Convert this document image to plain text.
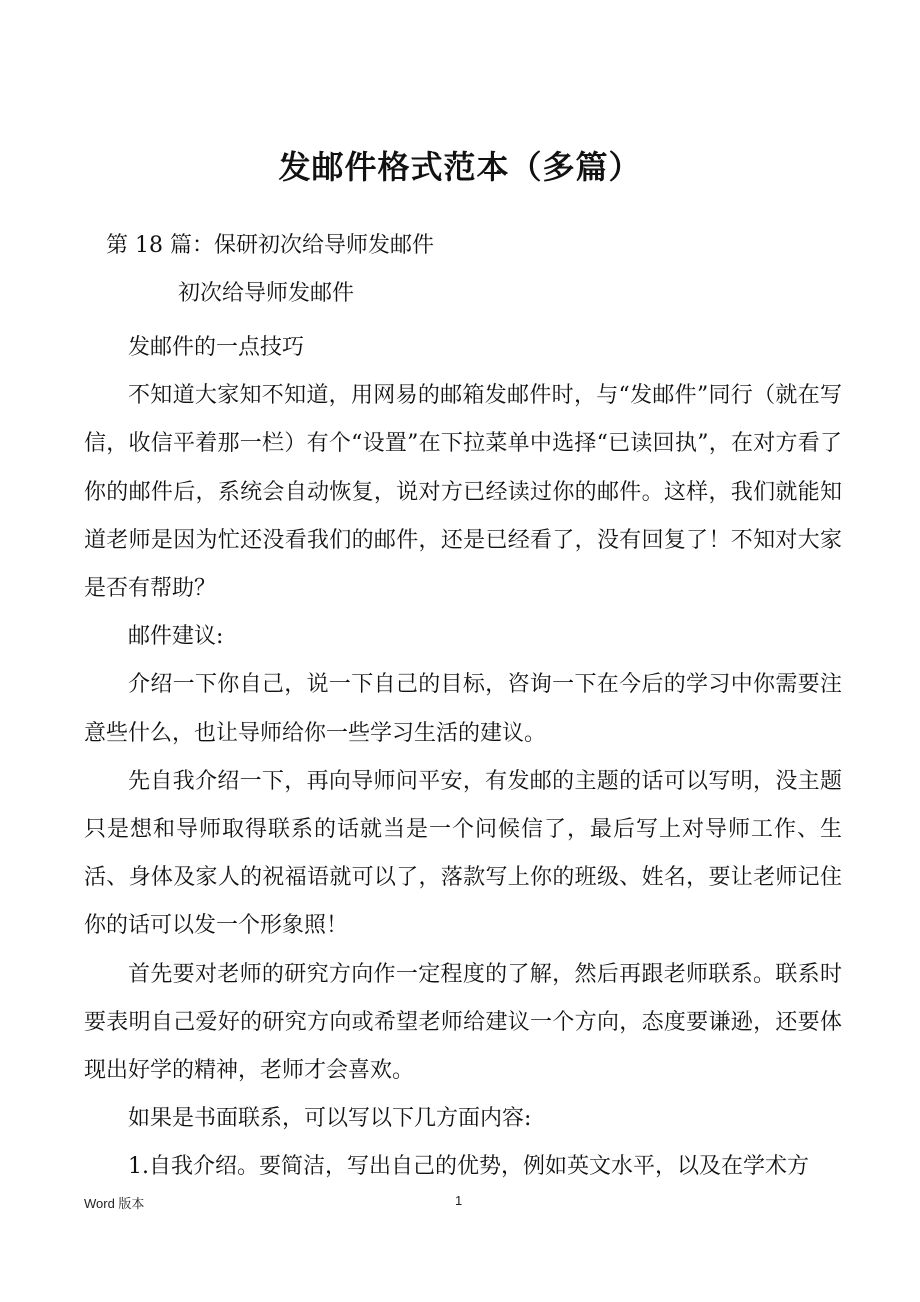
发邮件格式范本（多篇）
第 18 篇：保研初次给导师发邮件
初次给导师发邮件

发邮件的一点技巧

不知道大家知不知道，用网易的邮箱发邮件时，与“发邮件”同行（就在写信，收信平着那一栏）有个“设置”在下拉菜单中选择“已读回执”，在对方看了你的邮件后，系统会自动恢复，说对方已经读过你的邮件。这样，我们就能知道老师是因为忙还没看我们的邮件，还是已经看了，没有回复了！不知对大家是否有帮助？

邮件建议:

介绍一下你自己，说一下自己的目标，咨询一下在今后的学习中你需要注意些什么，也让导师给你一些学习生活的建议。

先自我介绍一下，再向导师问平安，有发邮的主题的话可以写明，没主题只是想和导师取得联系的话就当是一个问候信了，最后写上对导师工作、生活、身体及家人的祝福语就可以了，落款写上你的班级、姓名，要让老师记住你的话可以发一个形象照！

首先要对老师的研究方向作一定程度的了解，然后再跟老师联系。联系时要表明自己爱好的研究方向或希望老师给建议一个方向，态度要谦逊，还要体现出好学的精神，老师才会喜欢。

如果是书面联系，可以写以下几方面内容:

1.自我介绍。要简洁，写出自己的优势，例如英文水平，以及在学术方

Word 版本	1
